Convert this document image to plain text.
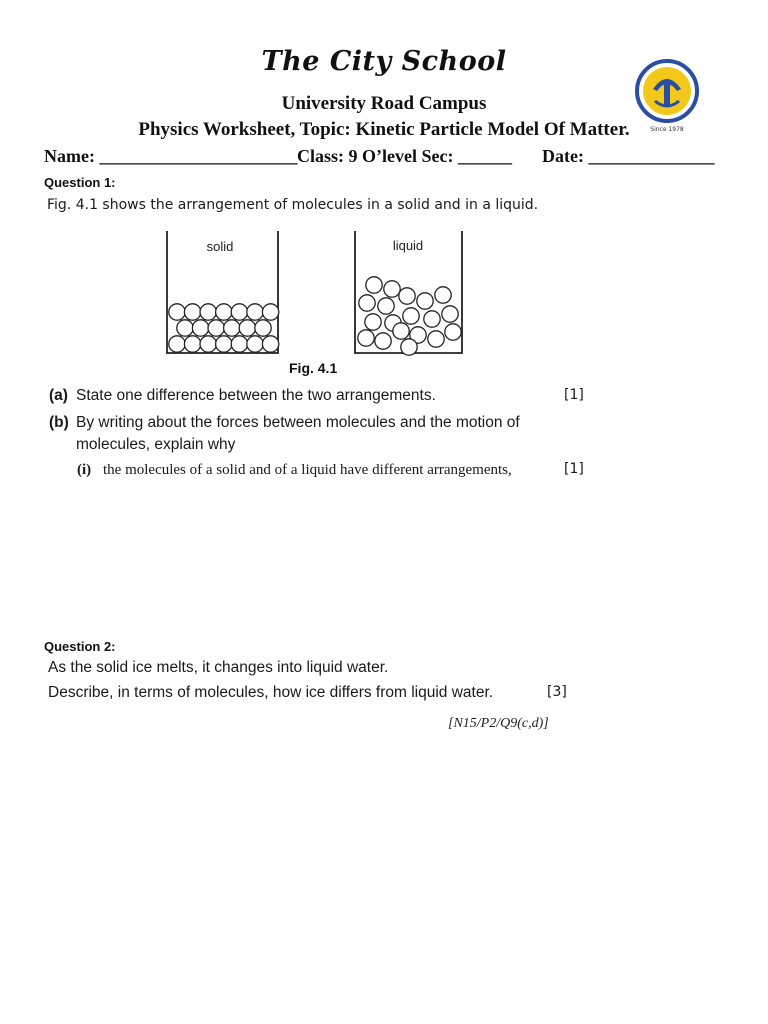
The City School
Since 1978
University Road Campus
Physics Worksheet, Topic: Kinetic Particle Model Of Matter.
Name: ______________________ Class: 9 O’level Sec: ______ Date: ______________
Question 1:
Fig. 4.1 shows the arrangement of molecules in a solid and in a liquid.
solid	liquid
Fig. 4.1
(a) State one difference between the two arrangements.	[1]
(b) By writing about the forces between molecules and the motion of
molecules, explain why
(i) the molecules of a solid and of a liquid have different arrangements,	[1]
Question 2:
As the solid ice melts, it changes into liquid water.
Describe, in terms of molecules, how ice differs from liquid water.	[3]
[N15/P2/Q9(c,d)]
